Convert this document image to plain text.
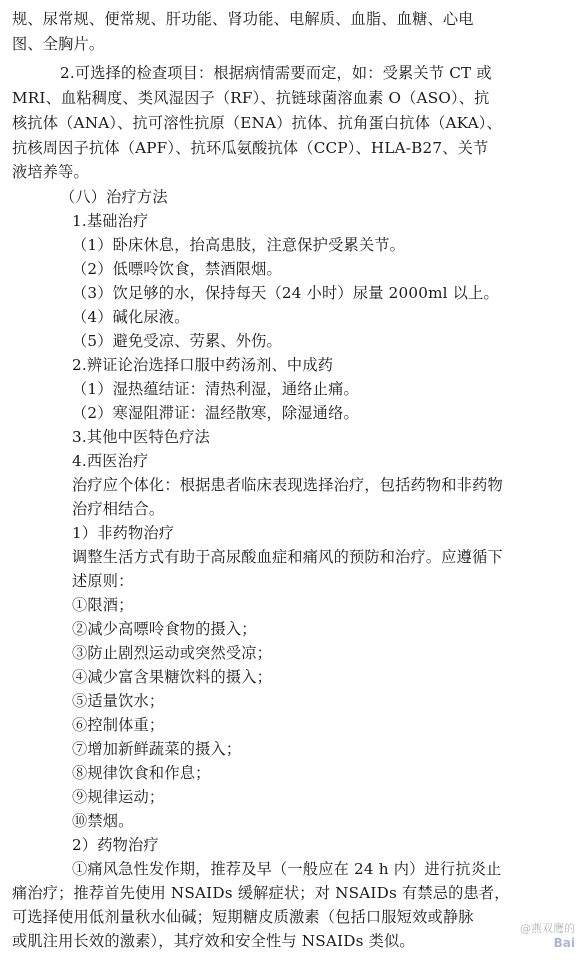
规、尿常规、便常规、肝功能、肾功能、电解质、血脂、血糖、心电
图、全胸片。
2.可选择的检查项目：根据病情需要而定，如：受累关节 CT 或
MRI、血粘稠度、类风湿因子（RF）、抗链球菌溶血素 O（ASO）、抗
核抗体（ANA）、抗可溶性抗原（ENA）抗体、抗角蛋白抗体（AKA）、
抗核周因子抗体（APF）、抗环瓜氨酸抗体（CCP）、HLA-B27、关节
液培养等。
（八）治疗方法
1.基础治疗
（1）卧床休息，抬高患肢，注意保护受累关节。
（2）低嘌呤饮食，禁酒限烟。
（3）饮足够的水，保持每天（24 小时）尿量 2000ml 以上。
（4）碱化尿液。
（5）避免受凉、劳累、外伤。
2.辨证论治选择口服中药汤剂、中成药
（1）湿热蕴结证：清热利湿，通络止痛。
（2）寒湿阻滞证：温经散寒，除湿通络。
3.其他中医特色疗法
4.西医治疗
治疗应个体化：根据患者临床表现选择治疗，包括药物和非药物
治疗相结合。
1）非药物治疗
调整生活方式有助于高尿酸血症和痛风的预防和治疗。应遵循下
述原则：
①限酒；
②减少高嘌呤食物的摄入；
③防止剧烈运动或突然受凉；
④减少富含果糖饮料的摄入；
⑤适量饮水；
⑥控制体重；
⑦增加新鲜蔬菜的摄入；
⑧规律饮食和作息；
⑨规律运动；
⑩禁烟。
2）药物治疗
①痛风急性发作期，推荐及早（一般应在 24 h 内）进行抗炎止
痛治疗；推荐首先使用 NSAIDs 缓解症状；对 NSAIDs 有禁忌的患者，
可选择使用低剂量秋水仙碱；短期糖皮质激素（包括口服短效或静脉
或肌注用长效的激素），其疗效和安全性与 NSAIDs 类似。
@燕双鹰的
Bai
